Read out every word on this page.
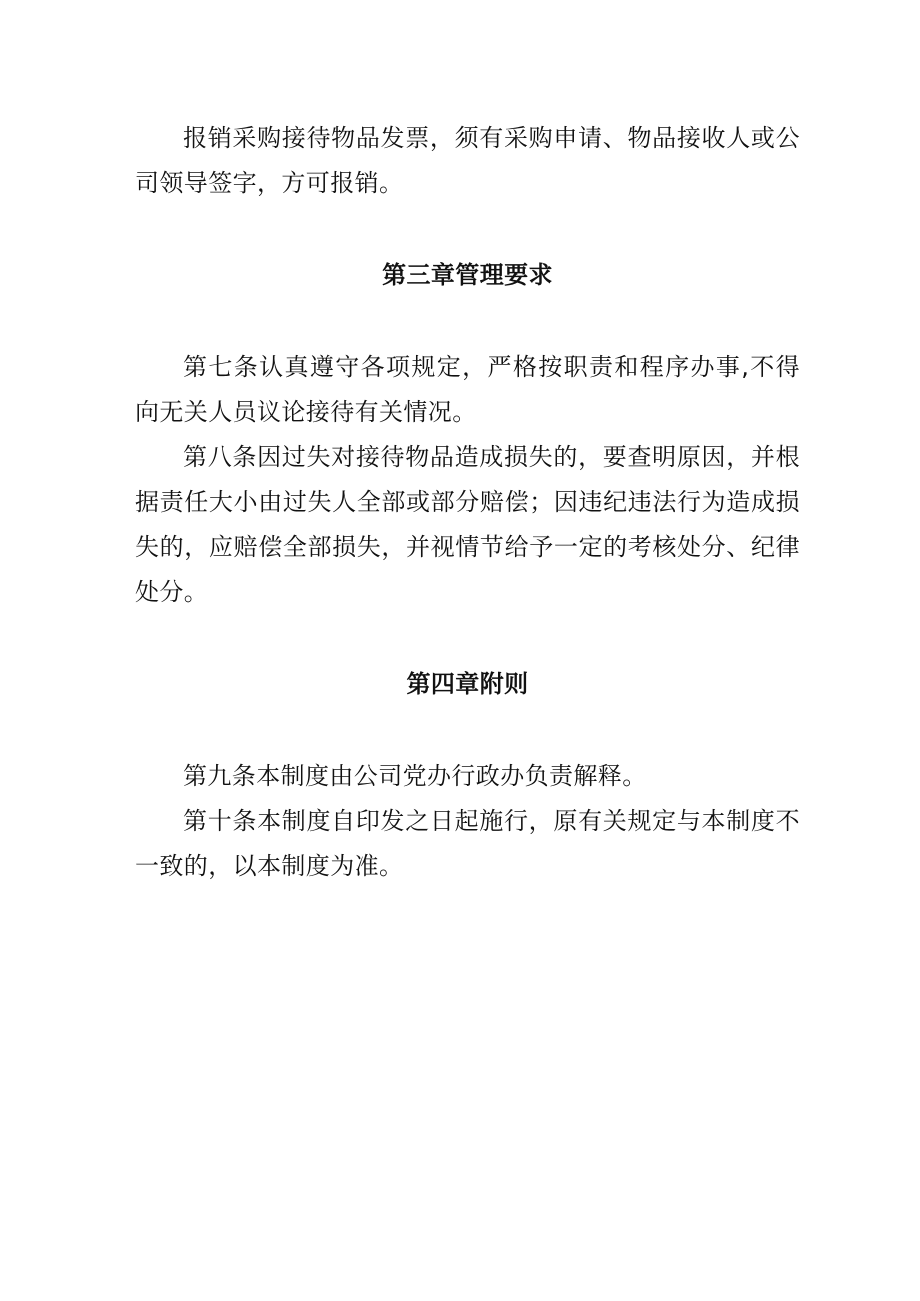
报销采购接待物品发票，须有采购申请、物品接收人或公司领导签字，方可报销。

第三章管理要求

第七条认真遵守各项规定，严格按职责和程序办事,不得向无关人员议论接待有关情况。

第八条因过失对接待物品造成损失的，要查明原因，并根据责任大小由过失人全部或部分赔偿；因违纪违法行为造成损失的，应赔偿全部损失，并视情节给予一定的考核处分、纪律处分。

第四章附则

第九条本制度由公司党办行政办负责解释。

第十条本制度自印发之日起施行，原有关规定与本制度不一致的，以本制度为准。
